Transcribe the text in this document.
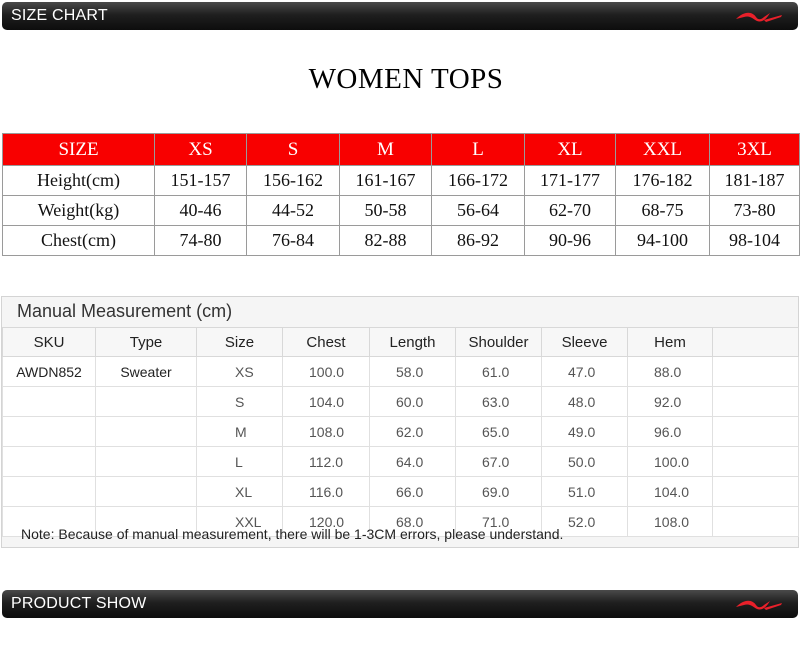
SIZE CHART
WOMEN TOPS
SIZE	XS	S	M	L	XL	XXL	3XL
Height(cm)	151-157	156-162	161-167	166-172	171-177	176-182	181-187
Weight(kg)	40-46	44-52	50-58	56-64	62-70	68-75	73-80
Chest(cm)	74-80	76-84	82-88	86-92	90-96	94-100	98-104
Manual Measurement (cm)
SKU	Type	Size	Chest	Length	Shoulder	Sleeve	Hem	
AWDN852	Sweater	XS	100.0	58.0	61.0	47.0	88.0	
		S	104.0	60.0	63.0	48.0	92.0	
		M	108.0	62.0	65.0	49.0	96.0	
		L	112.0	64.0	67.0	50.0	100.0	
		XL	116.0	66.0	69.0	51.0	104.0	
		XXL	120.0	68.0	71.0	52.0	108.0	
Note: Because of manual measurement, there will be 1-3CM errors, please understand.
PRODUCT SHOW
